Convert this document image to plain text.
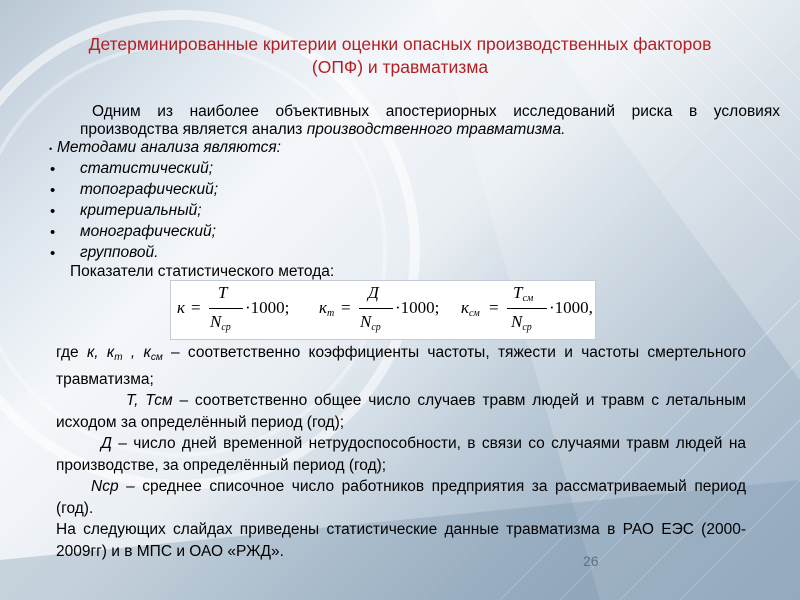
Детерминированные критерии оценки опасных производственных факторов
(ОПФ) и травматизма
Одним из наиболее объективных апостериорных исследований риска в условиях производства является анализ производственного травматизма.
• Методами анализа являются:
• статистический;
• топографический;
• критериальный;
• монографический;
• групповой.
Показатели статистического метода:
к =
T
$N_{ср}$
·1000; $к_т$ =
Д
$N_{ср}$
·1000; $к_{см}$ =
$T_{см}$
$N_{ср}$
·1000,

где к, $к_т$ , $к_{см}$ – соответственно коэффициенты частоты, тяжести и частоты смертельного травматизма;

Т, Тсм – соответственно общее число случаев травм людей и травм с летальным исходом за определённый период (год);

Д – число дней временной нетрудоспособности, в связи со случаями травм людей на производстве, за определённый период (год);

Nср – среднее списочное число работников предприятия за рассматриваемый период (год).

На следующих слайдах приведены статистические данные травматизма в РАО ЕЭС (2000-2009гг) и в МПС и ОАО «РЖД».

26
